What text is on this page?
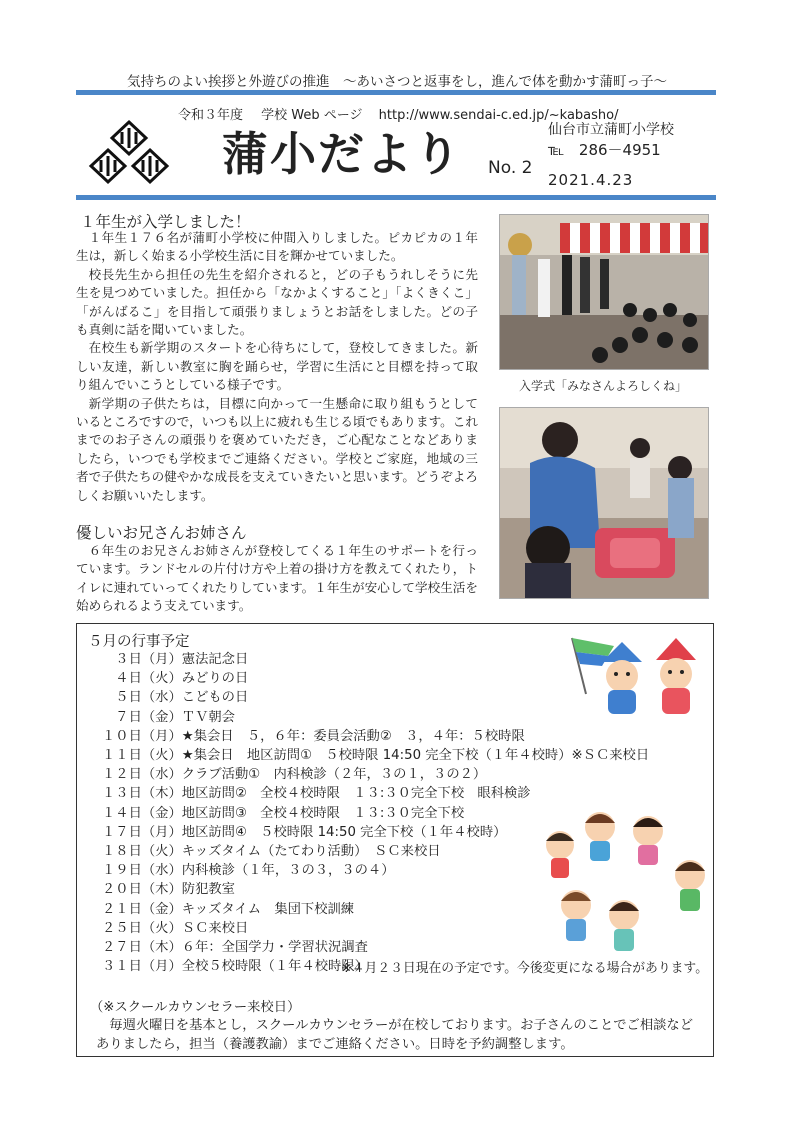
気持ちのよい挨拶と外遊びの推進　～あいさつと返事をし，進んで体を動かす蒲町っ子～
令和３年度 学校 Web ページ http://www.sendai-c.ed.jp/~kabasho/
蒲小だより No. 2
仙台市立蒲町小学校
℡ 286－4951
2021.4.23
１年生が入学しました！

１年生１７６名が蒲町小学校に仲間入りしました。ピカピカの１年生は，新しく始まる小学校生活に目を輝かせていました。

校長先生から担任の先生を紹介されると，どの子もうれしそうに先生を見つめていました。担任から「なかよくすること」「よくきくこ」「がんばるこ」を目指して頑張りましょうとお話をしました。どの子も真剣に話を聞いていました。

在校生も新学期のスタートを心待ちにして，登校してきました。新しい友達，新しい教室に胸を踊らせ，学習に生活にと目標を持って取り組んでいこうとしている様子です。

新学期の子供たちは，目標に向かって一生懸命に取り組もうとしているところですので，いつも以上に疲れも生じる頃でもあります。これまでのお子さんの頑張りを褒めていただき，ご心配なことなどありましたら，いつでも学校までご連絡ください。学校とご家庭，地域の三者で子供たちの健やかな成長を支えていきたいと思います。どうぞよろしくお願いいたします。

優しいお兄さんお姉さん

６年生のお兄さんお姉さんが登校してくる１年生のサポートを行っています。ランドセルの片付け方や上着の掛け方を教えてくれたり，トイレに連れていってくれたりしています。１年生が安心して学校生活を始められるよう支えています。

入学式「みなさんよろしくね」
５月の行事予定
　３日（月）憲法記念日
　４日（火）みどりの日
　５日（水）こどもの日
　７日（金）ＴＶ朝会
１０日（月）★集会日　５，６年：委員会活動②　３，４年：５校時限
１１日（火）★集会日　地区訪問①　５校時限 14:50 完全下校（１年４校時）※ＳＣ来校日
１２日（水）クラブ活動①　内科検診（２年，３の１，３の２）
１３日（木）地区訪問②　全校４校時限　１３:３０完全下校　眼科検診
１４日（金）地区訪問③　全校４校時限　１３:３０完全下校
１７日（月）地区訪問④　５校時限 14:50 完全下校（１年４校時）
１８日（火）キッズタイム（たてわり活動）　ＳＣ来校日
１９日（水）内科検診（１年，３の３，３の４）
２０日（木）防犯教室
２１日（金）キッズタイム　集団下校訓練
２５日（火）ＳＣ来校日
２７日（木）６年：全国学力・学習状況調査
３１日（月）全校５校時限（１年４校時限）
※４月２３日現在の予定です。今後変更になる場合があります。
（※スクールカウンセラー来校日）
毎週火曜日を基本とし，スクールカウンセラーが在校しております。お子さんのことでご相談などありましたら，担当（養護教諭）までご連絡ください。日時を予約調整します。
